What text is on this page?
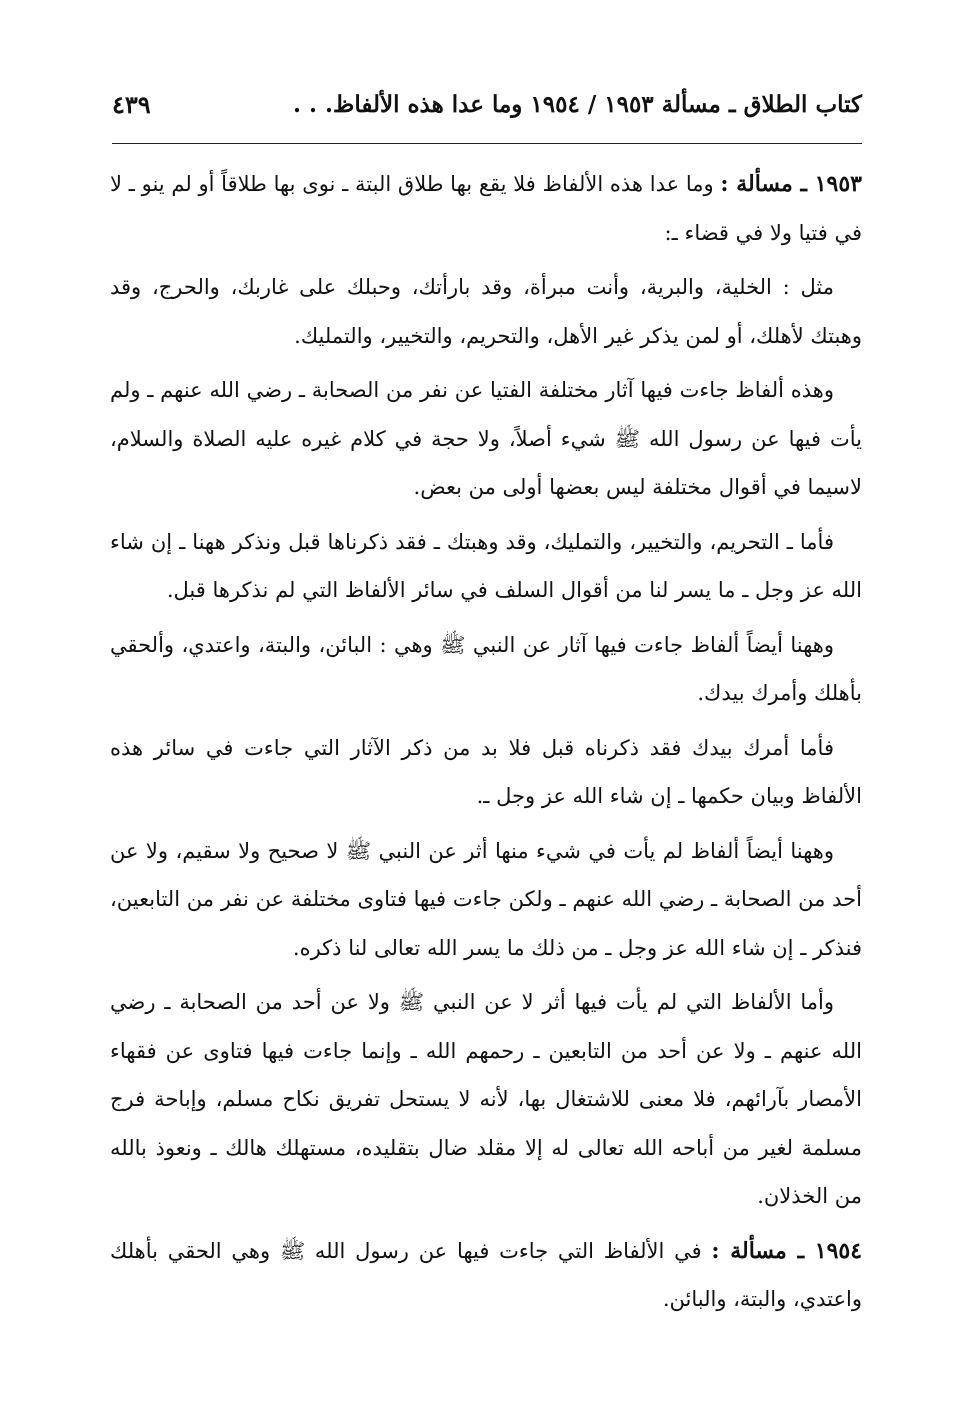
كتاب الطلاق ـ مسألة ١٩٥٣ / ١٩٥٤ وما عدا هذه الألفاظ. . .
٤٣٩

١٩٥٣ ـ مسألة : وما عدا هذه الألفاظ فلا يقع بها طلاق البتة ـ نوى بها طلاقاً أو لم ينو ـ لا في فتيا ولا في قضاء ـ:

مثل : الخلية، والبرية، وأنت مبرأة، وقد بارأتك، وحبلك على غاربك، والحرج، وقد وهبتك لأهلك، أو لمن يذكر غير الأهل، والتحريم، والتخيير، والتمليك.

وهذه ألفاظ جاءت فيها آثار مختلفة الفتيا عن نفر من الصحابة ـ رضي الله عنهم ـ ولم يأت فيها عن رسول الله ﷺ شيء أصلاً، ولا حجة في كلام غيره عليه الصلاة والسلام، لاسيما في أقوال مختلفة ليس بعضها أولى من بعض.

فأما ـ التحريم، والتخيير، والتمليك، وقد وهبتك ـ فقد ذكرناها قبل ونذكر ههنا ـ إن شاء الله عز وجل ـ ما يسر لنا من أقوال السلف في سائر الألفاظ التي لم نذكرها قبل.

وههنا أيضاً ألفاظ جاءت فيها آثار عن النبي ﷺ وهي : البائن، والبتة، واعتدي، وألحقي بأهلك وأمرك بيدك.

فأما أمرك بيدك فقد ذكرناه قبل فلا بد من ذكر الآثار التي جاءت في سائر هذه الألفاظ وبيان حكمها ـ إن شاء الله عز وجل ـ.

وههنا أيضاً ألفاظ لم يأت في شيء منها أثر عن النبي ﷺ لا صحيح ولا سقيم، ولا عن أحد من الصحابة ـ رضي الله عنهم ـ ولكن جاءت فيها فتاوى مختلفة عن نفر من التابعين، فنذكر ـ إن شاء الله عز وجل ـ من ذلك ما يسر الله تعالى لنا ذكره.

وأما الألفاظ التي لم يأت فيها أثر لا عن النبي ﷺ ولا عن أحد من الصحابة ـ رضي الله عنهم ـ ولا عن أحد من التابعين ـ رحمهم الله ـ وإنما جاءت فيها فتاوى عن فقهاء الأمصار بآرائهم، فلا معنى للاشتغال بها، لأنه لا يستحل تفريق نكاح مسلم، وإباحة فرج مسلمة لغير من أباحه الله تعالى له إلا مقلد ضال بتقليده، مستهلك هالك ـ ونعوذ بالله من الخذلان.

١٩٥٤ ـ مسألة : في الألفاظ التي جاءت فيها عن رسول الله ﷺ وهي الحقي بأهلك واعتدي، والبتة، والبائن.
